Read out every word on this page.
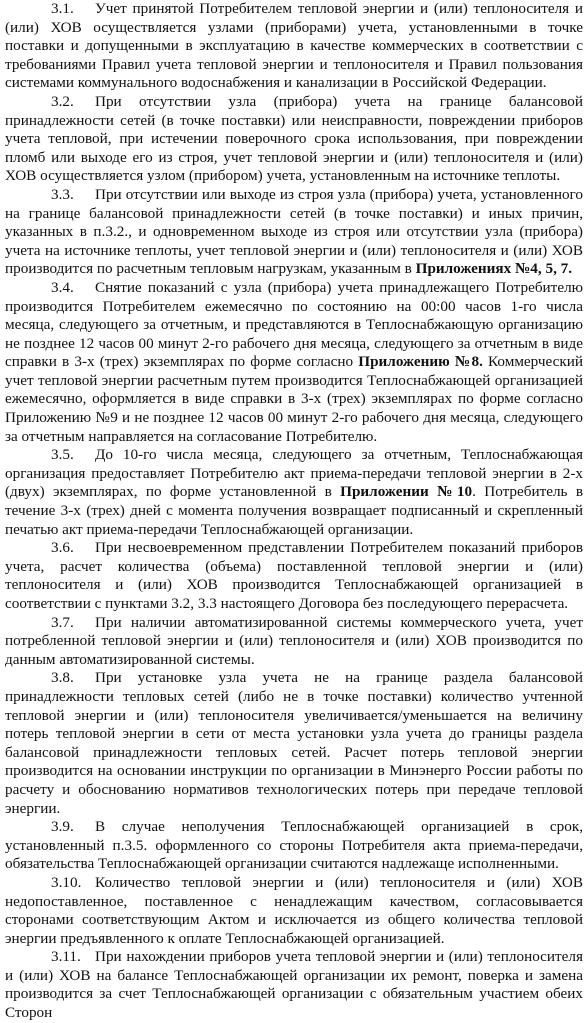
3.1. Учет принятой Потребителем тепловой энергии и (или) теплоносителя и (или) ХОВ осуществляется узлами (приборами) учета, установленными в точке поставки и допущенными в эксплуатацию в качестве коммерческих в соответствии с требованиями Правил учета тепловой энергии и теплоносителя и Правил пользования системами коммунального водоснабжения и канализации в Российской Федерации.

3.2. При отсутствии узла (прибора) учета на границе балансовой принадлежности сетей (в точке поставки) или неисправности, повреждении приборов учета тепловой, при истечении поверочного срока использования, при повреждении пломб или выходе его из строя, учет тепловой энергии и (или) теплоносителя и (или) ХОВ осуществляется узлом (прибором) учета, установленным на источнике теплоты.

3.3. При отсутствии или выходе из строя узла (прибора) учета, установленного на границе балансовой принадлежности сетей (в точке поставки) и иных причин, указанных в п.3.2., и одновременном выходе из строя или отсутствии узла (прибора) учета на источнике теплоты, учет тепловой энергии и (или) теплоносителя и (или) ХОВ производится по расчетным тепловым нагрузкам, указанным в Приложениях №4, 5, 7.

3.4. Снятие показаний с узла (прибора) учета принадлежащего Потребителю производится Потребителем ежемесячно по состоянию на 00:00 часов 1-го числа месяца, следующего за отчетным, и представляются в Теплоснабжающую организацию не позднее 12 часов 00 минут 2-го рабочего дня месяца, следующего за отчетным в виде справки в 3-х (трех) экземплярах по форме согласно Приложению №8. Коммерческий учет тепловой энергии расчетным путем производится Теплоснабжающей организацией ежемесячно, оформляется в виде справки в 3-х (трех) экземплярах по форме согласно Приложению №9 и не позднее 12 часов 00 минут 2-го рабочего дня месяца, следующего за отчетным направляется на согласование Потребителю.

3.5. До 10-го числа месяца, следующего за отчетным, Теплоснабжающая организация предоставляет Потребителю акт приема-передачи тепловой энергии в 2-х (двух) экземплярах, по форме установленной в Приложении №10. Потребитель в течение 3-х (трех) дней с момента получения возвращает подписанный и скрепленный печатью акт приема-передачи Теплоснабжающей организации.

3.6. При несвоевременном представлении Потребителем показаний приборов учета, расчет количества (объема) поставленной тепловой энергии и (или) теплоносителя и (или) ХОВ производится Теплоснабжающей организацией в соответствии с пунктами 3.2, 3.3 настоящего Договора без последующего перерасчета.

3.7. При наличии автоматизированной системы коммерческого учета, учет потребленной тепловой энергии и (или) теплоносителя и (или) ХОВ производится по данным автоматизированной системы.

3.8. При установке узла учета не на границе раздела балансовой принадлежности тепловых сетей (либо не в точке поставки) количество учтенной тепловой энергии и (или) теплоносителя увеличивается/уменьшается на величину потерь тепловой энергии в сети от места установки узла учета до границы раздела балансовой принадлежности тепловых сетей. Расчет потерь тепловой энергии производится на основании инструкции по организации в Минэнерго России работы по расчету и обоснованию нормативов технологических потерь при передаче тепловой энергии.

3.9. В случае неполучения Теплоснабжающей организацией в срок, установленный п.3.5. оформленного со стороны Потребителя акта приема-передачи, обязательства Теплоснабжающей организации считаются надлежаще исполненными.

3.10. Количество тепловой энергии и (или) теплоносителя и (или) ХОВ недопоставленное, поставленное с ненадлежащим качеством, согласовывается сторонами соответствующим Актом и исключается из общего количества тепловой энергии предъявленного к оплате Теплоснабжающей организацией.

3.11. При нахождении приборов учета тепловой энергии и (или) теплоносителя и (или) ХОВ на балансе Теплоснабжающей организации их ремонт, поверка и замена производится за счет Теплоснабжающей организации с обязательным участием обеих Сторон
